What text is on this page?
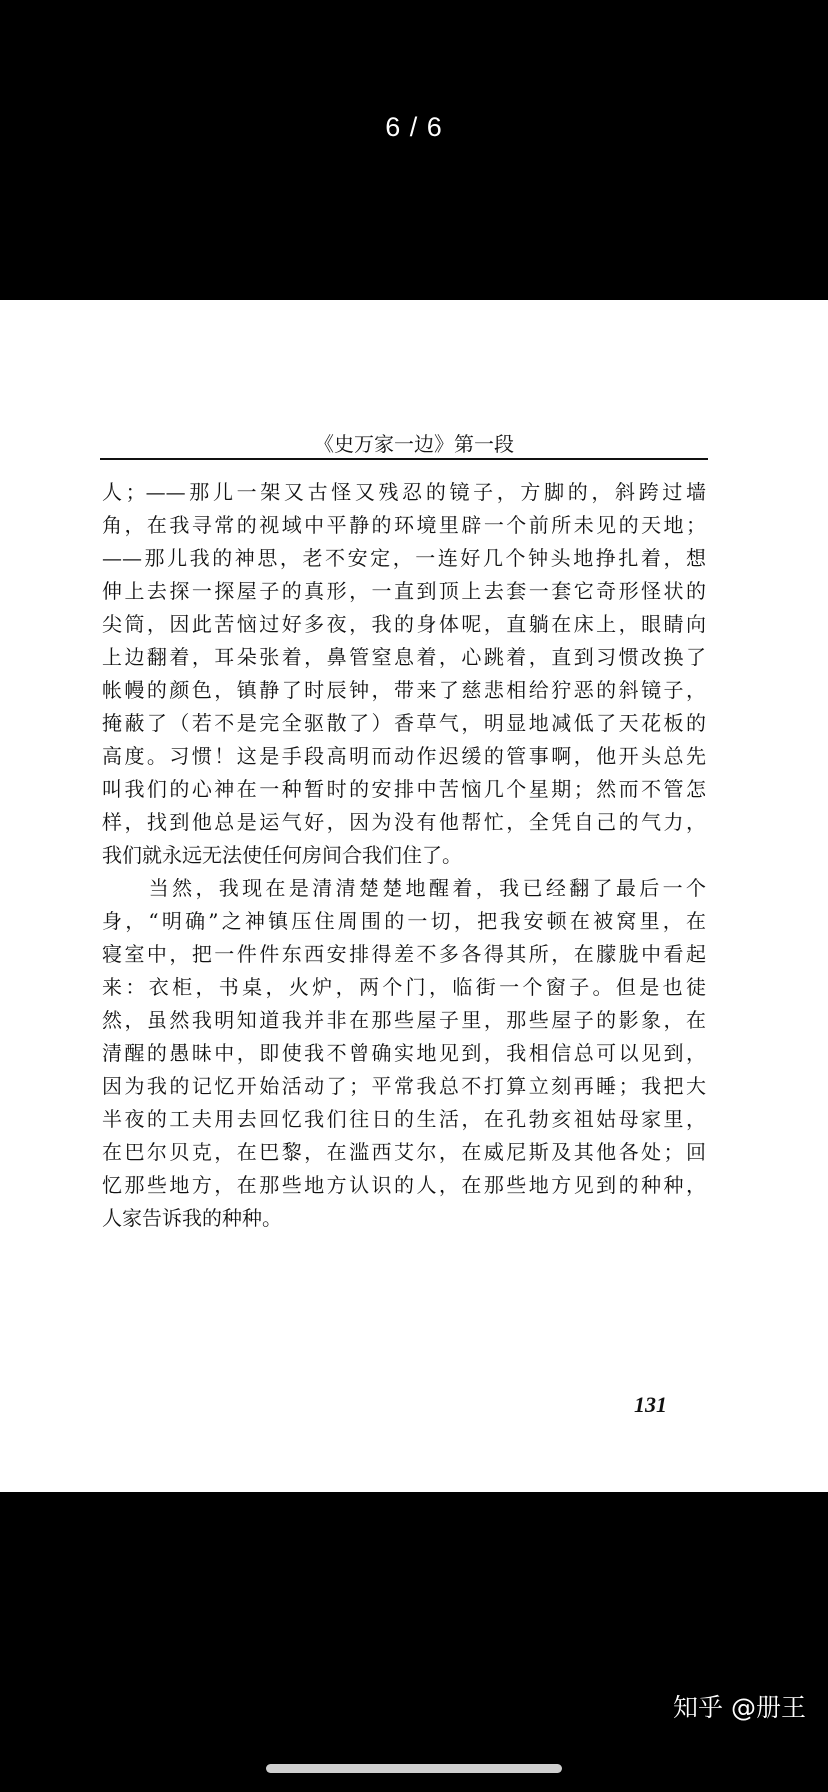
6 / 6
《史万家一边》第一段
人；——那儿一架又古怪又残忍的镜子，方脚的，斜跨过墙
角，在我寻常的视域中平静的环境里辟一个前所未见的天地；
——那儿我的神思，老不安定，一连好几个钟头地挣扎着，想
伸上去探一探屋子的真形，一直到顶上去套一套它奇形怪状的
尖筒，因此苦恼过好多夜，我的身体呢，直躺在床上，眼睛向
上边翻着，耳朵张着，鼻管窒息着，心跳着，直到习惯改换了
帐幔的颜色，镇静了时辰钟，带来了慈悲相给狞恶的斜镜子，
掩蔽了（若不是完全驱散了）香草气，明显地减低了天花板的
高度。习惯！这是手段高明而动作迟缓的管事啊，他开头总先
叫我们的心神在一种暂时的安排中苦恼几个星期；然而不管怎
样，找到他总是运气好，因为没有他帮忙，全凭自己的气力，
我们就永远无法使任何房间合我们住了。
　　当然，我现在是清清楚楚地醒着，我已经翻了最后一个
身，“明确”之神镇压住周围的一切，把我安顿在被窝里，在
寝室中，把一件件东西安排得差不多各得其所，在朦胧中看起
来：衣柜，书桌，火炉，两个门，临街一个窗子。但是也徒
然，虽然我明知道我并非在那些屋子里，那些屋子的影象，在
清醒的愚昧中，即使我不曾确实地见到，我相信总可以见到，
因为我的记忆开始活动了；平常我总不打算立刻再睡；我把大
半夜的工夫用去回忆我们往日的生活，在孔勃亥祖姑母家里，
在巴尔贝克，在巴黎，在滥西艾尔，在威尼斯及其他各处；回
忆那些地方，在那些地方认识的人，在那些地方见到的种种，
人家告诉我的种种。
131
知乎 @册王
